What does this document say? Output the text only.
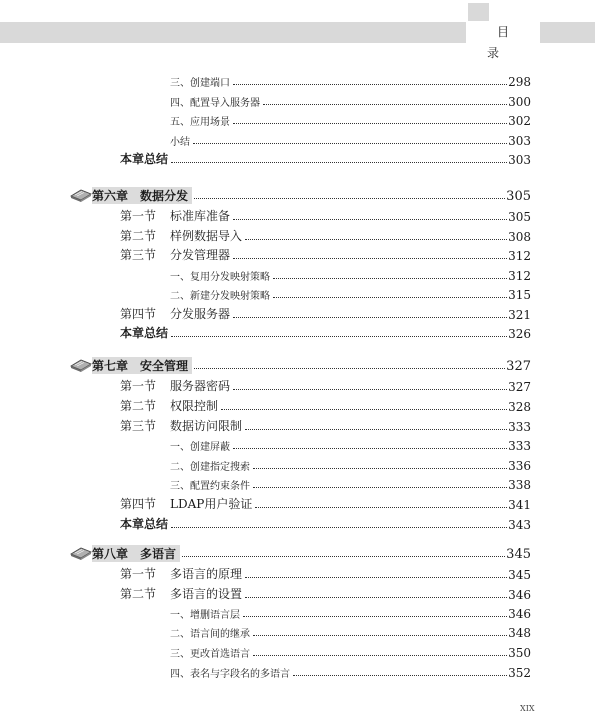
目 录
三、创建端口	298
四、配置导入服务器	300
五、应用场景	302
小结	303
本章总结	303
第六章　数据分发	305
第一节 标准库准备	305
第二节 样例数据导入	308
第三节 分发管理器	312
一、复用分发映射策略	312
二、新建分发映射策略	315
第四节 分发服务器	321
本章总结	326
第七章　安全管理	327
第一节 服务器密码	327
第二节 权限控制	328
第三节 数据访问限制	333
一、创建屏蔽	333
二、创建指定搜索	336
三、配置约束条件	338
第四节 LDAP用户验证	341
本章总结	343
第八章　多语言	345
第一节 多语言的原理	345
第二节 多语言的设置	346
一、增删语言层	346
二、语言间的继承	348
三、更改首选语言	350
四、表名与字段名的多语言	352
XIX
